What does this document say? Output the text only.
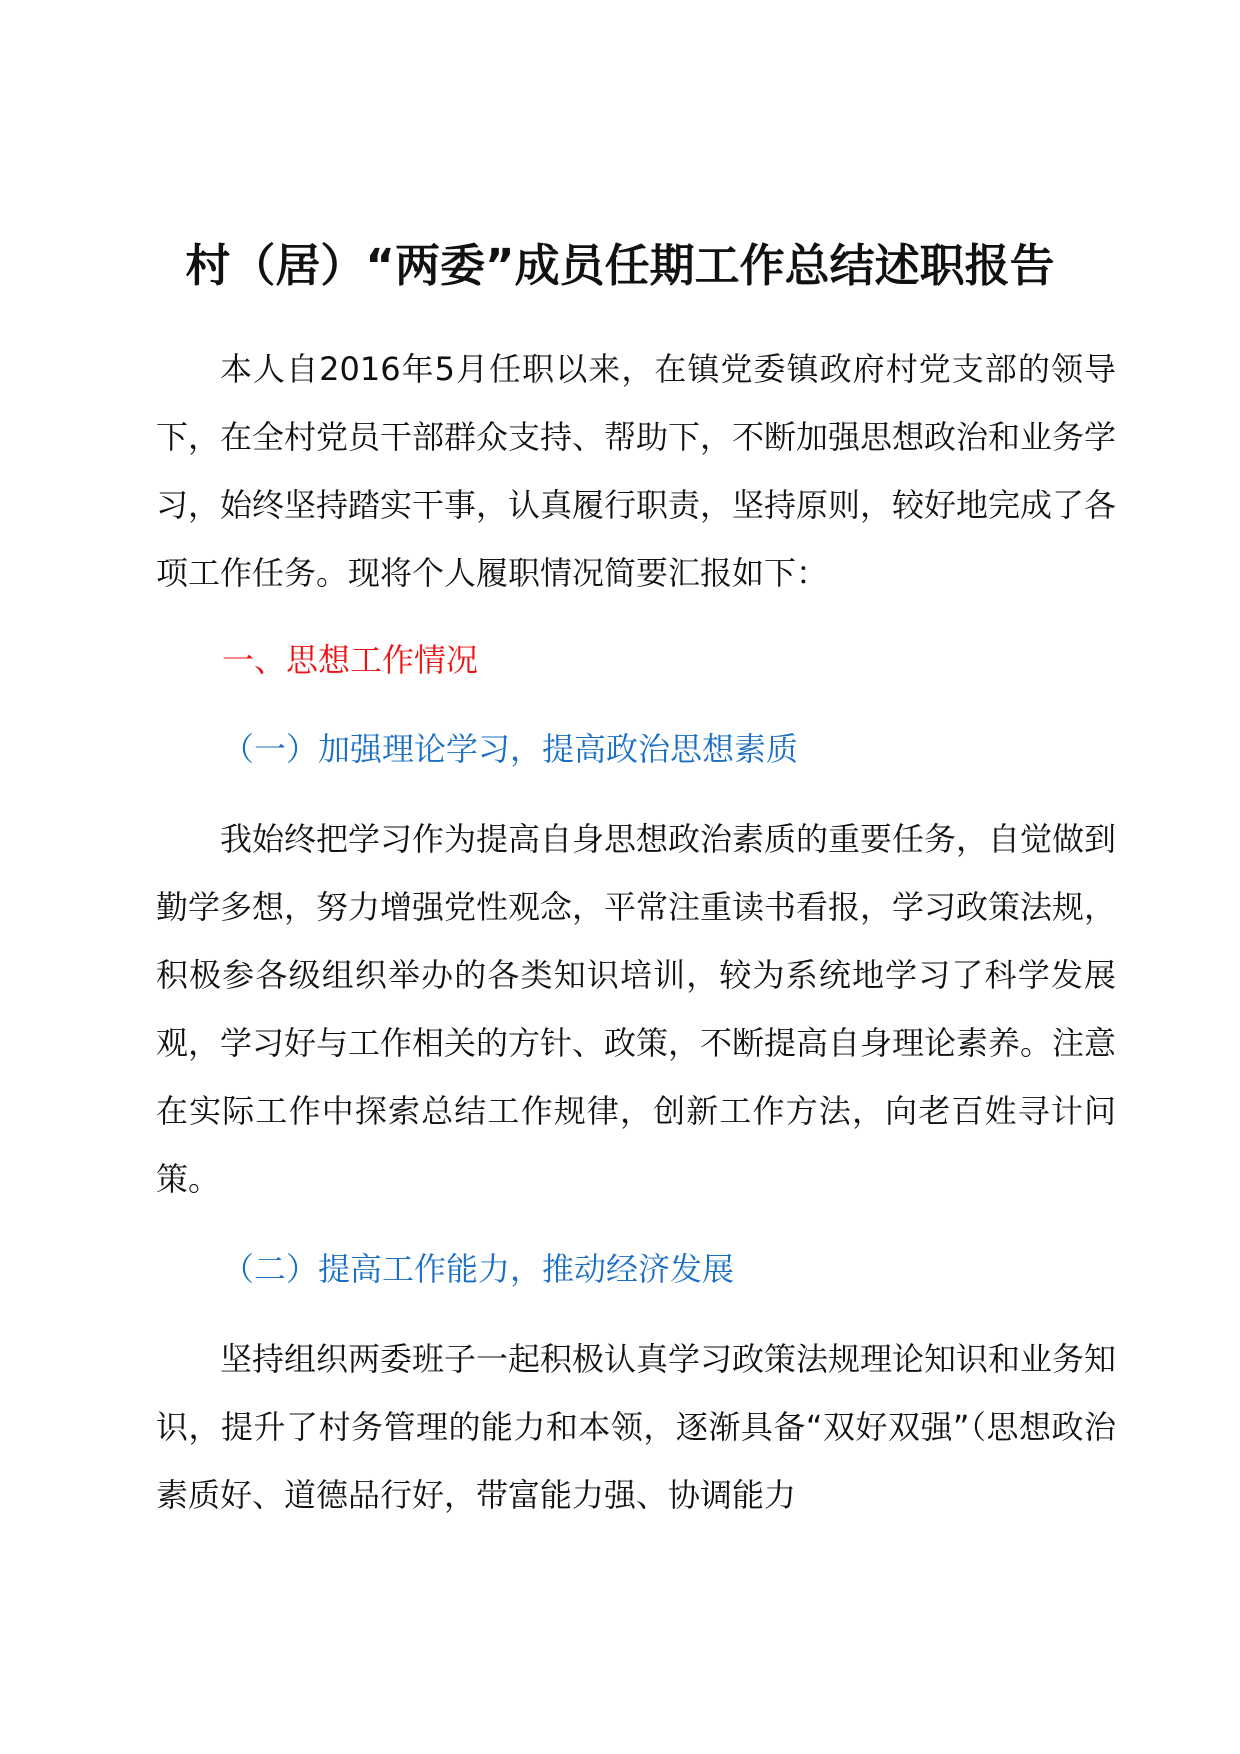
村（居）“两委”成员任期工作总结述职报告

本人自2016年5月任职以来，在镇党委镇政府村党支部的领导下，在全村党员干部群众支持、帮助下，不断加强思想政治和业务学习，始终坚持踏实干事，认真履行职责，坚持原则，较好地完成了各项工作任务。现将个人履职情况简要汇报如下：

一、思想工作情况
（一）加强理论学习，提高政治思想素质

我始终把学习作为提高自身思想政治素质的重要任务，自觉做到勤学多想，努力增强党性观念，平常注重读书看报，学习政策法规，积极参各级组织举办的各类知识培训，较为系统地学习了科学发展观，学习好与工作相关的方针、政策，不断提高自身理论素养。注意在实际工作中探索总结工作规律，创新工作方法，向老百姓寻计问策。

（二）提高工作能力，推动经济发展

坚持组织两委班子一起积极认真学习政策法规理论知识和业务知识，提升了村务管理的能力和本领，逐渐具备“双好双强”（思想政治素质好、道德品行好，带富能力强、协调能力
